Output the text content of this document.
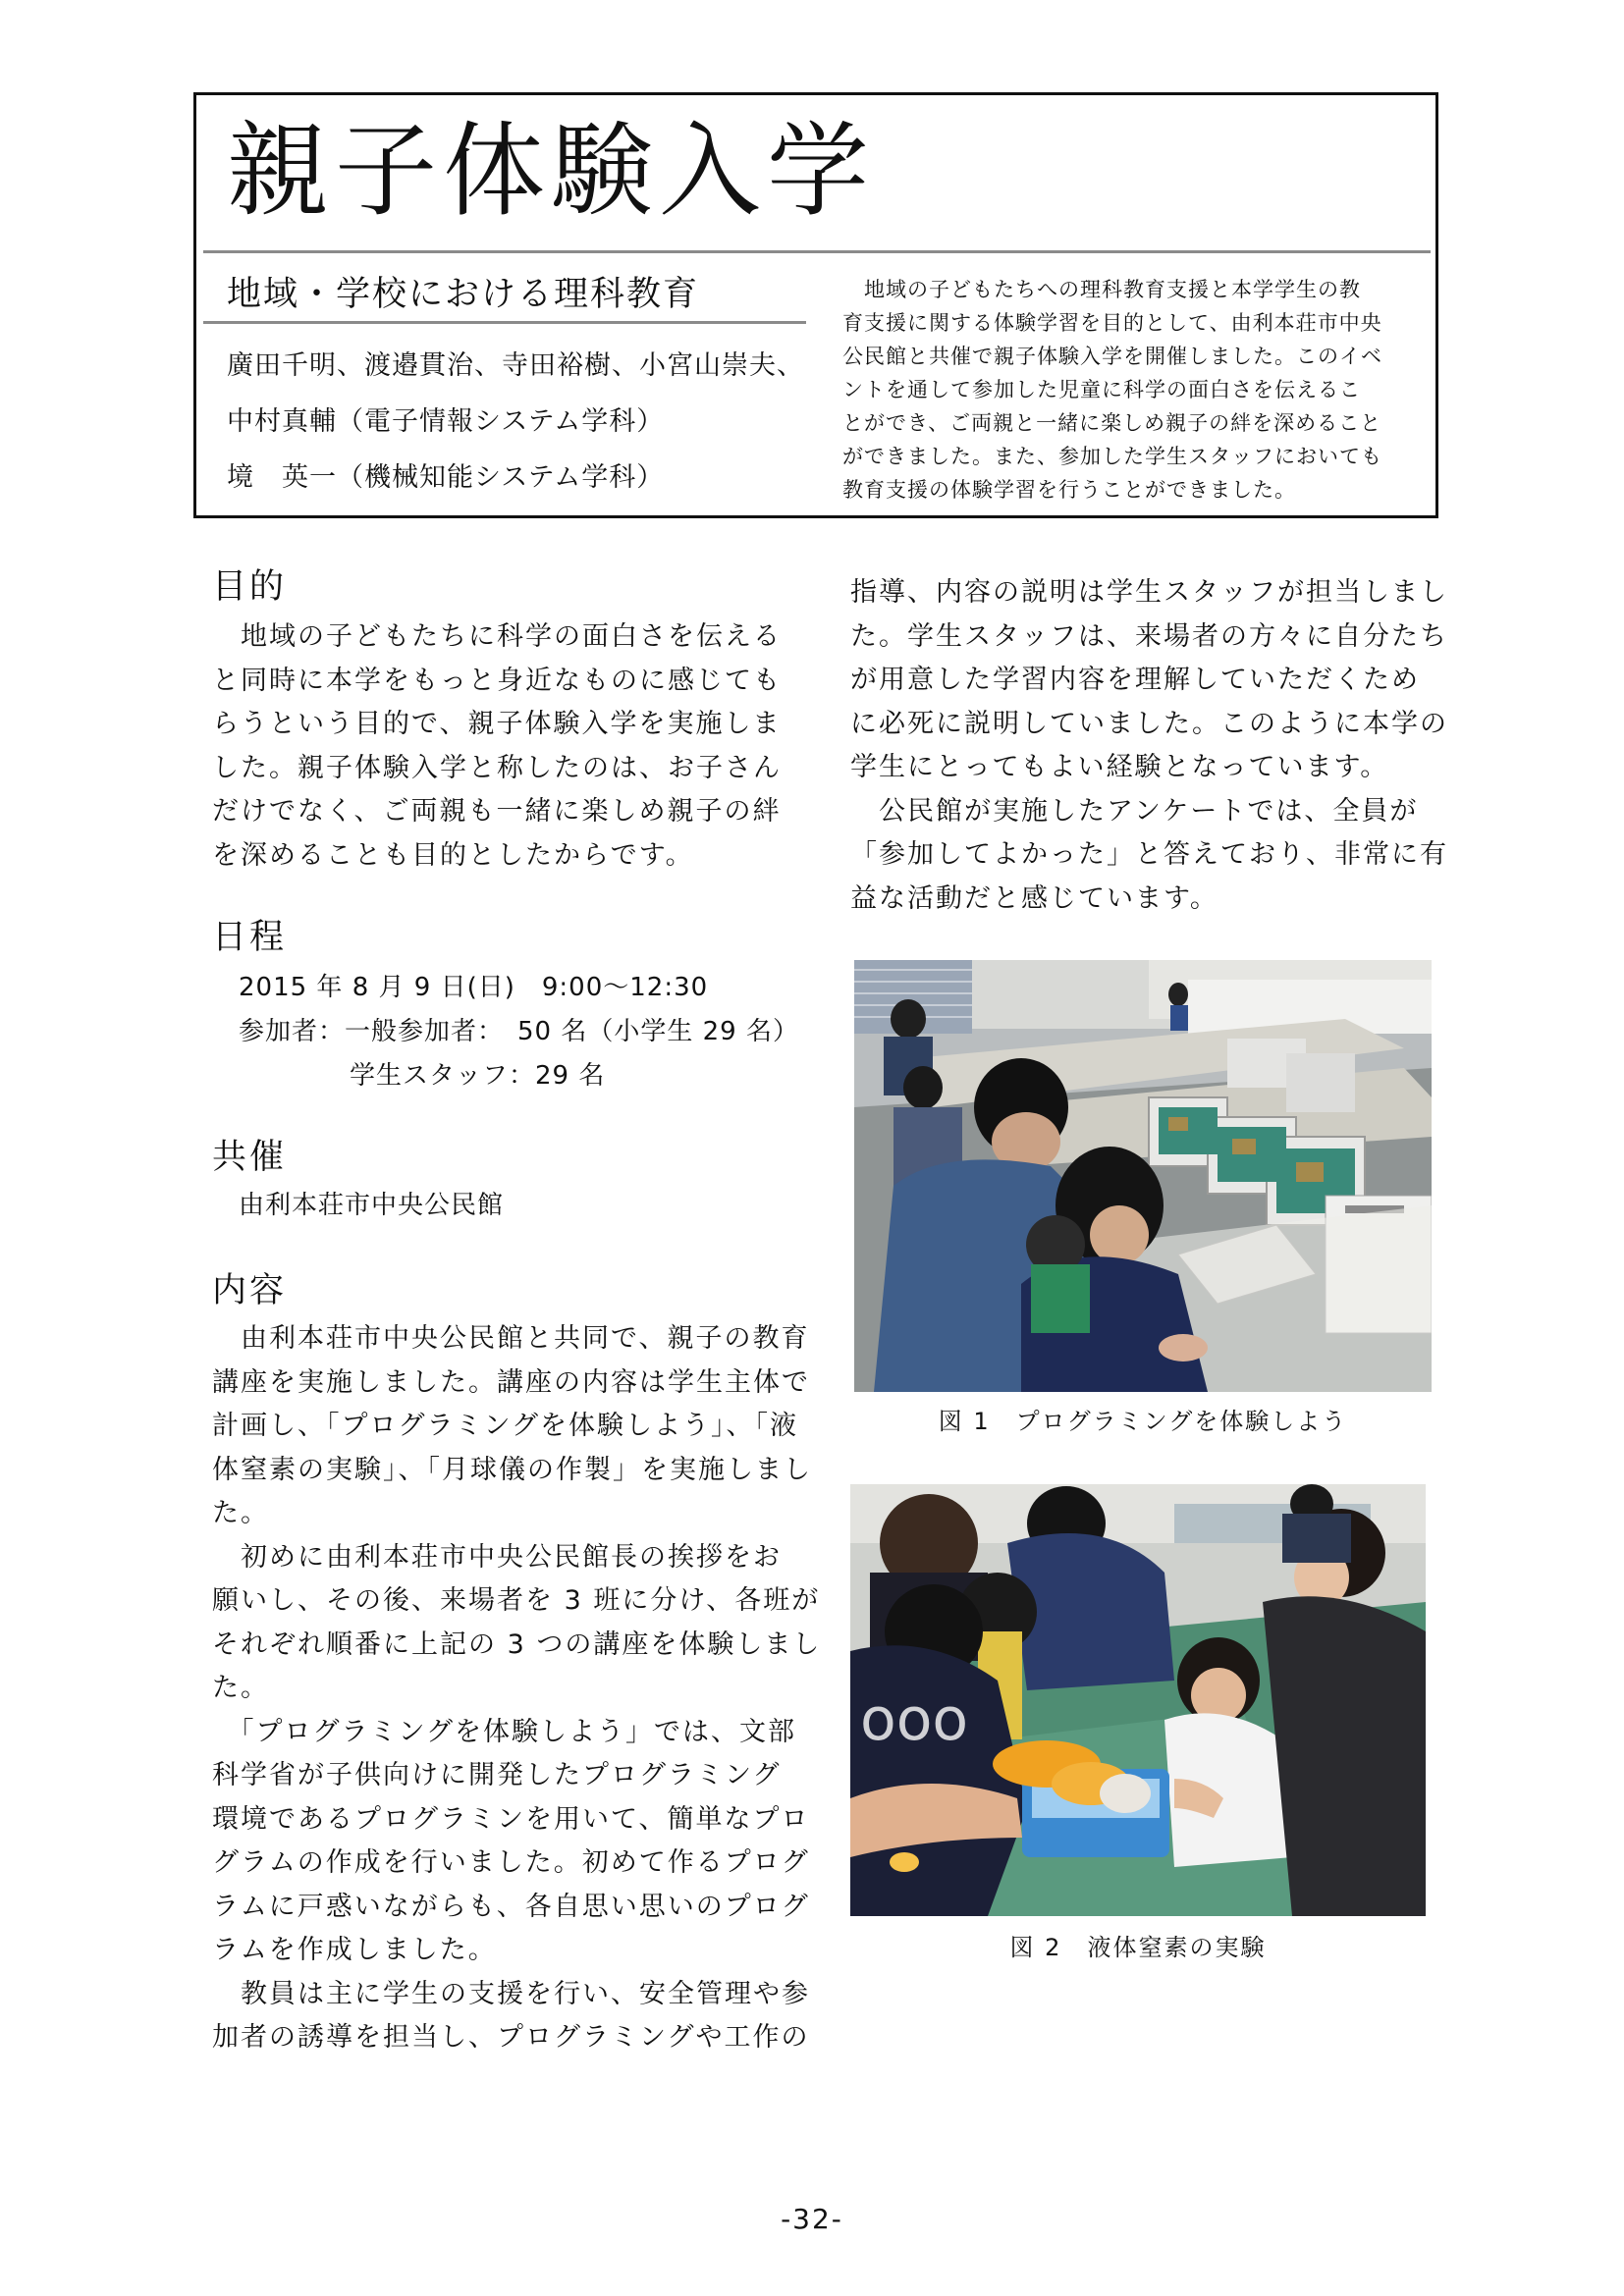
親子体験入学
地域・学校における理科教育
廣田千明、渡邉貫治、寺田裕樹、小宮山崇夫、
中村真輔（電子情報システム学科）
境　英一（機械知能システム学科）
　地域の子どもたちへの理科教育支援と本学学生の教
育支援に関する体験学習を目的として、由利本荘市中央
公民館と共催で親子体験入学を開催しました。このイベ
ントを通して参加した児童に科学の面白さを伝えるこ
とができ、ご両親と一緒に楽しめ親子の絆を深めること
ができました。また、参加した学生スタッフにおいても
教育支援の体験学習を行うことができました。
目的
　地域の子どもたちに科学の面白さを伝える
と同時に本学をもっと身近なものに感じても
らうという目的で、親子体験入学を実施しま
した。親子体験入学と称したのは、お子さん
だけでなく、ご両親も一緒に楽しめ親子の絆
を深めることも目的としたからです。
日程
2015 年 8 月 9 日(日)　9:00〜12:30
参加者：一般参加者：　50 名（小学生 29 名）
学生スタッフ：29 名
共催
由利本荘市中央公民館
内容
　由利本荘市中央公民館と共同で、親子の教育
講座を実施しました。講座の内容は学生主体で
計画し、「プログラミングを体験しよう」、「液
体窒素の実験」、「月球儀の作製」を実施しまし
た。
　初めに由利本荘市中央公民館長の挨拶をお
願いし、その後、来場者を 3 班に分け、各班が
それぞれ順番に上記の 3 つの講座を体験しまし
た。
　「プログラミングを体験しよう」では、文部
科学省が子供向けに開発したプログラミング
環境であるプログラミンを用いて、簡単なプロ
グラムの作成を行いました。初めて作るプログ
ラムに戸惑いながらも、各自思い思いのプログ
ラムを作成しました。
　教員は主に学生の支援を行い、安全管理や参
加者の誘導を担当し、プログラミングや工作の
指導、内容の説明は学生スタッフが担当しまし
た。学生スタッフは、来場者の方々に自分たち
が用意した学習内容を理解していただくため
に必死に説明していました。このように本学の
学生にとってもよい経験となっています。
　公民館が実施したアンケートでは、全員が
「参加してよかった」と答えており、非常に有
益な活動だと感じています。
図 1　プログラミングを体験しよう
ooo
図 2　液体窒素の実験
-32-
